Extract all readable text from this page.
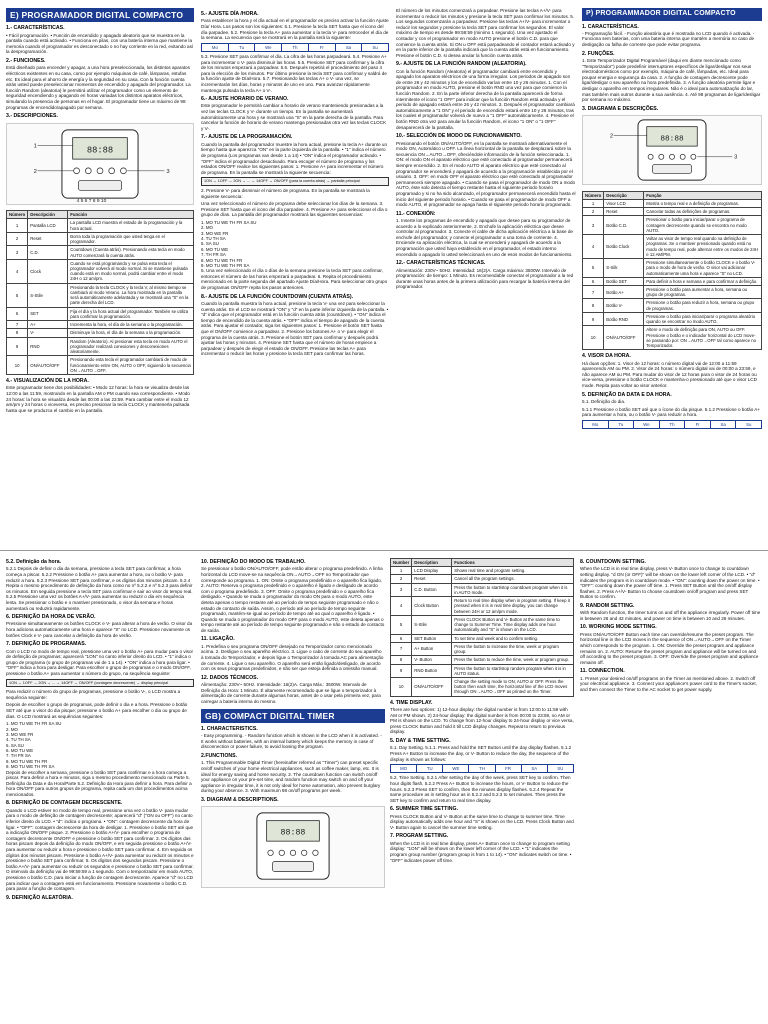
E) PROGRAMADOR DIGITAL COMPACTO
1.- CARACTERÍSTICAS.

• Fácil programación. • Función de encendido y apagado aleatorio que se muestra en la pantalla cuando está activado. • Funciona en pilas, con una batería interna que mantiene la memoria cuando el programador es desconectado o no hay corriente en la red, evitando así la desprogramación.

2.- FUNCIONES.

Está diseñado para encender y apagar, a una hora preseleccionada, los distintos aparatos eléctricos existentes en su casa, como por ejemplo máquinas de café, lámparas, estufas etc. Es ideal para el ahorro de energía y la seguridad en su casa. Con la función cuenta atrás usted puede preseleccionar momentos de encendido y apagado del programador. La función Random (aleatoria) le permitirá utilizar el programador como un elemento de seguridad encendiendo y apagando en horas variadas los distintos aparatos eléctricos, simulando la presencia de personas en el hogar. El programador tiene un máximo de 98 programas de encendido/apagado por semana.

3.- DESCRIPCIONES.
88:88
1
2	3
4 5 6 7 8 9 10
Número	Descripción	Función
1	Pantalla LCD	La pantalla LCD muestra el estado de la programación y la hora actual.
2	Reset	Borra toda la programación que usted tenga en el programador.
3	C.D.	Countdown (Cuenta atrás). Presionando esta tecla en modo AUTO comenzará la cuenta atrás.
4	Clock	Cuando se está programando y se pulsa esta tecla el programador volverá al modo normal. Si se mantiene pulsada cuando está en modo normal, podrá cambiar entre el modo 24H o 12 am/pm.
5	S-Stile	Presionando la tecla CLOCK y la tecla V, al mismo tiempo se cambiará al modo Verano. La hora mostrada en la pantalla será automáticamente adelantada y se mostrará una "S" en la parte derecha del LCD.
6	SET	Fija el día y la hora actual del programador. También se utiliza para confirmar la programación.
7	A+	Incrementa la hora, el día de la semana o la programación.
8	V-	Disminuye la hora, el día de la semana o la programación.
9	RND	Random (Aleatorio). Al presionar esta tecla en modo AUTO el programador realizará conexiones y desconexiones aleatoriamente.
10	ON/AUTO/OFF	Presionando esta tecla el programador cambiará de modo de funcionamiento entre ON, AUTO o OFF, siguiendo la secuencia ON→AUTO→OFF.
4.- VISUALIZACIÓN DE LA HORA.

Este programador tiene dos posibilidades: • Modo 12 horas: la hora se visualiza desde las 12:00 a las 11:59, mostrando en la pantalla AM o PM cuando sea correspondiente. • Modo 24 horas: la hora se visualiza desde las 00:00 a las 23:59. Para cambiar entre el modo 12 am/pm y 24 horas o viceversa, es preciso presionar la tecla CLOCK y mantenerla pulsada hasta que se produzca el cambio en la pantalla.

5.- AJUSTE DÍA /HORA.

Para establecer la hora y el día actual en el programador es preciso activar la función Ajuste Día/ Hora. Los pasos son los siguientes: 5.1. Presione la tecla SET hasta que el icono del día parpadee. 5.2. Presione la tecla A+ para aumentar o la tecla V- para retroceder el día de la semana. La secuencia que se mostrará en la pantalla será la siguiente:

Mo	Tu	We	Th	Fr	Sa	Su

5.3. Presione SET para confirmar el día. La cifra de las horas parpadeará. 5.4. Presione A+ para incrementar o V- para disminuir las horas. 5.5. Presione SET para confirmar y la cifra de los minutos empezará a parpadear. 5.6. Después repetirá el procedimiento del paso 4 para la elección de los minutos. Por último presione la tecla SET para confirmar y saldrá de la función ajuste de Día/Hora. 5.7. Presionando las teclas A+ o V- una vez, se incrementarán los días, horas y minutos de uno en uno. Para avanzar rápidamente mantenga pulsada la tecla A+ o V-.

6.- AJUSTE HORARIO DE VERANO.

Este programador le permitirá cambiar a horario de verano manteniendo presionadas a la vez las teclas CLOCK y V- durante un tiempo. En la pantalla se aumentará automáticamente una hora y se mostrará una "S" en la parte derecha de la pantalla. Para cancelar la función de horario de verano mantenga presionadas otra vez las teclas CLOCK y V-.

7.- AJUSTE DE LA PROGRAMACIÓN.

Cuando la pantalla del programador muestre la hora actual, presione la tecla A+ durante un tiempo hasta que aparezca "ON" en la parte izquierda de la pantalla. • "1" indica el número de programa (Los programas van desde 1 a 14) • "ON" indica el programador activado. • "OFF" indica el programador desactivado. Para escoger el número de programa y los estados ON/OFF realice los siguientes pasos: 1. Presione A+ para incrementar el número de programa. En la pantalla se mostrará la siguiente secuencia:

1ON → 1OFF → 2ON → ... → 14OFF → ON/OFF (para la cuenta atrás) → pantalla principal

2. Presione V- para disminuir el número de programa. En la pantalla se mostrará la siguiente secuencia:

Una vez seleccionado el número de programa debe seleccionar los días de la semana. 3. Presione SET hasta que el icono del día parpadee. 4. Presione A+ para seleccionar el día o grupo de días. La pantalla del programador mostrará las siguientes secuencias:

1. MO TU WE TH FR SA SU
2. MO
3. MO WE FR
4. TU TH SA
5. SA SU
6. MO TU WE
7. TH FR SA
8. MO TU WE TH FR
9. MO TU WE TH FR SA

5. Una vez seleccionado el día o días de la semana presione la tecla SET para confirmar, entonces el número de las horas empezará a parpadear. 6. Repita el procedimiento mencionado en la parte segunda del apartado Ajuste Día/Hora. Para seleccionar otro grupo de programas ON/OFF repita los pasos anteriores.

8.- AJUSTE DE LA FUNCIÓN COUNTDOWN (CUENTA ATRÁS).

Cuando la pantalla muestra la hora actual, presione la tecla V- una vez para seleccionar la cuenta atrás. En el LCD se mostrará "ON" y "d" en la parte inferior izquierda de la pantalla. • "d" indica que el programador está en la función cuenta atrás (countdown). • "ON" indica el tiempo de encendido de la cuenta atrás. • "OFF" indica el tiempo de apagado de la cuenta atrás. Para ajustar el contador, siga los siguientes pasos: 1. Presione el botón SET hasta que el ON/OFF comience a parpadear. 2. Presione los botones A+ o V- para elegir el programa de la cuenta atrás. 3. Presione el botón SET para confirmar y después podrá ajustar las horas y minutos. 4. Presione SET hasta que el número de horas empiece a parpadear y después de elegir el estado de ON/OFF. Presione las teclas A+ para incrementar o reducir las horas y presione la tecla SET para confirmar las horas.

El número de los minutos comenzará a parpadear. Presione las teclas A+/V- para incrementar o reducir los minutos y presione la tecla SET para confirmar los minutos. 5. Los segundos comenzarán a parpadear. Presione las teclas A+/V- para incrementar o reducir los segundos y presione la tecla SET para confirmar los segundos. El valor máximo de tiempo es desde 99:59:59 (minimo 1 segundo). Una vez ajustado el contador y con el programador en modo AUTO presione el botón C.D. para que comience la cuenta atrás. Si ON u OFF está parpadeando el contador estará activado y en la parte inferior de la pantalla indicará que la cuenta atrás está en funcionamiento. Presione el botón C.D. si desea anular la función cuenta atrás.

9.- AJUSTE DE LA FUNCIÓN RANDOM (ALEATORIA).

Con la función Random (Aleatoria) el programador cambiará entre encendido y apagado los aparatos eléctricos de una forma irregular. Los periodos de apagado son de entre 26 y 42 minutos y los de encendido varían entre 10 y 26 minutos. 1. Con el programador en modo AUTO, presione el botón RND una vez para que comience la función Random. 2. En la parte inferior derecha de la pantalla aparecerá de forma intermitente el icono "1 OFF" para indicar que la función Random está activada y el periodo de apagado estará entre 26 y 42 minutos. 3. Después el programador cambiará automáticamente a "1 ON" y el periodo de encendido estará entre 10 y 26 minutos, tras los cuales el programador volverá de nuevo a "1 OFF" automáticamente. 4. Presione el botón RND otra vez para anular la función Random, el icono "1 ON" o "1 OFF" desaparecerá de la pantalla.

10.- SELECCIÓN DE MODO DE FUNCIONAMIENTO.

Presionando el botón ON/AUTO/OFF, en la pantalla se mostrará alternativamente el modo ON, Automático u OFF. La línea horizontal de la pantalla se desplazará sobre la secuencia ON→AUTO→OFF, ofreciéndole información de la función seleccionada. 1. ON: el modo ON el aparato eléctrico que esté conectado al programador permanecerá siempre encendido. 2. En el modo AUTO el aparato eléctrico que esté conectado al programador se encenderá y apagará de acuerdo a la programación establecida por el usuario. 3. OFF: en modo OFF el aparato eléctrico que esté conectado al programador permanecerá siempre apagado. • Cuando se pasa el programador de modo ON a modo AUTO, éste solo detecta el tiempo restante hasta el siguiente periodo horario programado y si no ha sido alcanzado, el programador permanecerá encendido hasta el inicio del siguiente periodo horario. • Cuando se pasa el programador de modo OFF a modo AUTO, el programador se apaga hasta el siguiente periodo horario programado.

11.- CONEXIÓN:

1. Inserte los programas de encendido y apagado que desee para su programador de acuerdo a lo explicado anteriormente. 2. Enchufe la aplicación eléctrica que desee controlar al programador. 3. Conecte el cable de dicha aplicación eléctrica a la base de enchufe del programador, y conecte el programador a una toma de corriente. 4. Enciende su aplicación eléctrica, la cual se encenderá y apagará de acuerdo a la programación que usted haya establecido en el programador, el estado interno encendido o apagado lo usted seleccionará en uno de esos modos de funcionamiento.

12.- CARACTERÍSTICAS TÉCNICAS.

Alimentación: 230V~ 50Hz. Intensidad: 16(2)A. Carga máxima: 3500W. Intervalo de programación: de tiempo: 1 Minuto. Es recomendable conectar el programador a la red durante unas horas antes de la primera utilización para recargar la batería interna del programador.

P) PROGRAMMADOR DIGITAL COMPACTO
1. CARACTERÍSTICAS.

- Programação fácil. - Função aleatória que é mostrada no LCD quando é activada. - Funciona sem baterias, com uma bateria interna que mantém a memória no caso de desligação ou falha de corrente que pode evitar programa.

2. FUNÇÕES.

1. Este Temporizador Digital Programável (daqui em diante mencionado como "Temporizador") pode predefinir interruptores específicos de ligar/desligar nos seus electrodomésticos como por exemplo, máquina de café, lâmpadas, etc. Ideal para poupar energia e segurança da casa. 2. A função de contagem decrescente pode ligar/desligar o seu aparelho na hora predefinida. 3. A função aleatória permite ligar e desligar o aparelho em tempos irregulares. Não é o ideal para automatização do lar, mas também mais outros durante a sua ausência. 4. Até 98 programas de ligar/desligar por semana no máximo.

3. DIAGRAMA E DESCRIÇÕES.
88:88
2
3
Número	Descrição	Função
1	Visor LCD	Mostra o tempo real e a definição de programas.
2	Reset	Cancelar todas as definições de programas.
3	Botão C.D.	Pressionar o botão para iniciar/parar o programa de contagem decrescente quando se encontra no modo AUTO.
4	Botão Clock	Voltar ao visor de tempo real quando na definição de programas. Se o mantiver pressionado quando está no modo de tempo real, pode alternar entre os modos de 24H e 12 AM/PM.
5	S-Silk	Pressione simultaneamente o botão CLOCK e o botão V- para o modo de hora de verão. O visor vai adicionar automaticamente uma hora e aparece "S" no LCD.
6	Botão SET	Para definir a hora e semana e para confirmar a definição.
7	Botão A+	Pressione o botão para aumentar a hora, semana ou grupo de programas.
8	Botão V-	Pressione o botão para reduzir a hora, semana ou grupo de programas.
9	Botão RND	Pressione o botão para iniciar/parar o programa aleatório quando se encontrar no modo AUTO.
10	ON/AUTO/OFF	Altere o modo de definição para ON, AUTO ou OFF. Pressione o botão e o indicador horizontal do LCD move-se passando por: ON→AUTO→OFF tal como aparece no Temporizador.
4. VISOR DA HORA.

Há duas opções: 1. Visor de 12 horas: o número digital vai de 12:00 a 11:59 aparecendo AM ou PM. 2. Visor de 24 horas: o número digital vai de 00:00 a 23:59, e não aparece AM ou PM. Para mudar do visor de 12 horas para o visor de 24 horas ou vice-versa, pressione o botão CLOCK e mantenha-o pressionado até que o visor LCD mude. Repita para voltar ao visor anterior.

5. DEFINIÇÃO DA DATA E DA HORA.

5.1. Definição do dia.

5.1.1 Pressione o botão SET até que o ícone do dia pisque. 5.1.2 Pressione o botão A+ para aumentar a hora, ou o botão V- para reduzir a hora.

Mo	Tu	We	Th	Fr	Sa	Su
5.2. Definição da hora.

5.2.1 Depois de definir o dia da semana, pressione a tecla SET para confirmar, a hora começa a piscar. 5.2.2 Pressione o botão A+ para aumentar a hora, ou o botão V- para reduzir a hora. 5.2.3 Pressione SET para confirmar, e os dígitos dos minutos piscam. 5.2.4 Repita o mesmo procedimento de definição da hora como no nº 5.2.2 e nº 5.2.3 para definir os minutos. Em seguida pressione a tecla SET para confirmar e sair ao visor do tempo real. 5.2.5 Pressione uma vez os botões A+/V- para aumentar ou reduzir o dia em sequência lenta. Se pressionar o botão e o mantiver pressionado, o visor da semana e horas aumentará ou reduzirá rapidamente.

6. DEFINIÇÃO DA HORA DE VERÃO.

Pressione simultaneamente os botões CLOCK e V- para alterar a hora de verão. O visor da hora adiciona automaticamente uma hora e aparece "S" no LCD. Pressione novamente os botões Clock e V- para cancelar a definição da hora de verão.

7. DEFINIÇÃO DE PROGRAMAS.

Com o LCD no modo de tempo real, pressione uma vez o botão A+ para mudar para o visor de definição de programas; aparecerá "1ON" no canto inferior direito do LCD. • "1" indica o grupo de programa (o grupo de programas vai de 1 a 14). • "ON" indica a hora para ligar. • "OFF" indica a hora para desligar. Para escolher o grupo de programas e o modo ON/OFF, pressione o botão A+ para aumentar o número do grupo, na sequência seguinte:

1ON → 1OFF → 2ON → ... → 14OFF → ON/OFF (contagem decrescente) → display principal

Para reduzir o número do grupo de programas, pressione o botão V-, o LCD mostra a sequência seguinte:

Depois de escolher o grupo de programas, pode definir o dia e a hora. Pressione o botão SET até que o visor do dia pisque; pressione o botão A+ para escolher o dia ou grupo de dias. O LCD mostrará as sequências seguintes:

1. MO TU WE TH FR SA SU
2. MO
3. MO WE FR
4. TU TH SA
5. SA SU
6. MO TU WE
7. TH FR SA
8. MO TU WE TH FR
9. MO TU WE TH FR SA

Depois de escolher a semana, pressione o botão SET para confirmar e a hora começa a piscar. Para definir a hora e minutos, siga o mesmo procedimento mencionado na Parte 5. Definição da Data e da Hora/Parte 5.2. Definição da Hora para definir a hora. Para definir a hora ON/OFF para outros grupos de programa, repita cada um dos procedimentos acima mencionados.

8. DEFINIÇÃO DE CONTAGEM DECRESCENTE.

Quando o LCD estiver no modo de tempo real, pressione uma vez o botão V- para mudar para o modo de definição de contagem decrescente; aparecerá "d" ("ON ou OFF") no canto inferior direito do LCD. • "d": indica o programa. • "ON": contagem decrescente da hora de ligar. • "OFF": contagem decrescente da hora de desligar. 1. Pressione o botão SET até que a indicação ON/OFF pisque. 2. Pressione o botão A+/V- para escolher o programa de contagem decrescente ON/OFF e pressione o botão SET para confirmar. 3. Os dígitos das horas piscam depois da definição do modo ON/OFF, e em seguida pressione o botão A+/V- para aumentar ou reduzir a hora e pressione o botão SET para confirmar. 4. Em seguida os dígitos dos minutos piscam. Pressione o botão A+/V- para aumentar ou reduzir os minutos e pressione o botão SET para confirmar. 5. Os dígitos dos segundos piscam. Pressione o botão A+/V- para aumentar ou reduzir os segundos e pressione o botão SET para confirmar. O intervalo da definição vai de 99:59:59 a 1 segundo. Com o temporizador em modo AUTO, pressione o botão C.D. para iniciar a função de contagem decrescente. Aparece "d" no LCD para indicar que a contagem está em funcionamento. Pressione novamente o botão C.D. para parar a função de contagem.

9. DEFINIÇÃO ALEATÓRIA.
10. DEFINIÇÃO DO MODO DE TRABALHO.

Se pressionar o botão ON/AUTO/OFF, pode então alterar o programa predefinido. A linha horizontal do LCD move-se na sequência ON→AUTO→OFF no Temporizador que corresponde ao programa. 1. ON: Omite o programa predefinido e o aparelho fica ligado. 2. AUTO: Reserva o programa predefinido e o aparelho é ligado e desligado de acordo com o programa predefinido. 3. OFF: Omite o programa predefinido e o aparelho fica desligado. • Quando se muda o programador do modo ON para o modo AUTO, este deteta apenas o tempo restante até ao período de tempo seguinte programado e não o estado de contacto de saída. Assim, o período até ao período de tempo seguinte programado, mantém-se igual ao período de tempo até ao qual o aparelho é ligado. • Quando se muda o programador do modo OFF para o modo AUTO, este deteta apenas o tempo restante até ao período de tempo seguinte programado e não o estado de contacto de saída.

11. LIGAÇÃO.

1. Predefina o seu programa ON/OFF desejado no Temporizador como mencionado acima. 2. Desligue o seu aparelho eléctrico. 3. Ligue o cabo de corrente do seu aparelho à tomada do Temporizador, e depois ligue o Temporizador à tomada AC para alimentação de corrente. 4. Ligue o seu aparelho. O aparelho será então ligado/desligado, de acordo com os seus programas predefinidos, e não ser que esteja definida a omissão manual.

12. DADOS TÉCNICOS.

Alimentação: 230V~ 50Hz. Intensidade: 16(2)A. Carga Máx.: 3500W. Intervalo de Definição da Hora: 1 Minuto. É altamente recomendado que se ligue o temporizador à alimentação de corrente durante algumas horas, antes de o usar pela primeira vez, para carregar a bateria interna do mesmo.

GB) COMPACT DIGITAL TIMER
1. CHARACTERISTICS.

- Easy programming. - Random function which is shown in the LCD when it is activated. - It works without batteries, with an internal battery which keeps the memory in case of disconnection or power failure, to avoid loosing the program.

2.FUNCTIONS.

1. This Programmable Digital Timer (hereinafter referred as "Timer") can preset specific on/off switches of your home electrical appliances, such as coffee maker, lamp, etc. It is ideal for energy saving and home security. 2. The countdown function can switch on/off your appliance on your pre-set time, and random function may switch on and off your appliance in irregular time, it is not only ideal for home automation, also prevent burglary during your absence. 3. With maximum 98 on/off programs per week.

3. DIAGRAM & DESCRIPTIONS.
88:88
Number	Description	Functions
1	LCD Display	Shows real time and program setting.
2	Reset	Cancel all the program settings.
3	C.D. Button	Press the button to start/stop countdown program when it is in AUTO mode.
4	Clock Button	Return to real time display when in program setting. If keep it pressed when it is in real time display, you can change between 24H or 12 am/pm mode.
5	S-Stile	Press CLOCK Button and V- Button at the same time to change to Summer Time. Time display adds one hour automatically and "S" is shown on the LCD.
6	SET Button	To set time and week and to confirm setting.
7	A+ Button	Press the button to increase the time, week or program group.
8	V- Button	Press the button to reduce the time, week or program group.
9	RND Button	Press the button to start/stop random program when it is in AUTO status.
10	ON/AUTO/OFF	Change the setting mode to ON, AUTO or OFF. Press the button then each time, the horizontal line of the LCD moves through ON→AUTO→OFF as printed on the Timer.
4. TIME DISPLAY.

There are two options: 1) 12-hour display: the digital number is from 12:00 to 11:59 with AM or PM shown. 2) 24-hour display: the digital number is from 00:00 to 23:59, no AM or PM is shown on the LCD. To change from 12-hour display to 24-hour display or vice versa, press CLOCK Button and hold it till LCD display changes. Repeat to return to previous display.

5. DAY & TIME SETTING.

5.1. Day Setting. 5.1.1. Press and hold the SET Button until the day display flashes. 5.1.2 Press A+ Button to increase the day, or V- Button to reduce the day, the sequence of the display is shown as follows:

MO	TU	WE	TH	FR	SA	SU

5.2. Time Setting. 5.2.1 After setting the day of the week, press SET key to confirm. Then hour digits flash. 5.2.2 Press A+ Button to increase the hours, or V- Button to reduce the hours. 5.2.3 Press SET to confirm, then the minutes display flashes. 5.2.4 Repeat the same procedure as in setting hour as in 5.2.2 and 5.2.3 to set minutes. Then press the SET key to confirm and return to real time display.

6. SUMMER TIME SETTING.

Press CLOCK Button and V- Button at the same time to change to summer time. Time display automatically adds one hour and "S" is shown on the LCD. Press Clock Button and V- Button again to cancel the summer time setting.

7. PROGRAM SETTING.

When the LCD is in real time display, press A+ Button once to change to program setting display: "1ON" will be shown on the lower left corner of the LCD. • "1" indicates the program group number (program group is from 1 to 14). • "ON" indicates switch on time. • "OFF" indicates power off time.

8. COUNTDOWN SETTING.

When the LCD is in real time display, press V- Button once to change to countdown setting display. "d ON (or OFF)" will be shown on the lower left corner of the LCD. • "d" indicates the program is in countdown mode. • "ON": counting down the power on time. • "OFF": counting down the power off time. 1. Press SET Button until the on/off display flashes. 2. Press A+/V- Button to choose countdown on/off program and press SET Button to confirm.

9. RANDOM SETTING.

With Random function, the timer turns on and off the appliance irregularly. Power off time is between 26 and 42 minutes, and power on time is between 10 and 26 minutes.

10. WORKING MODE SETTING.

Press ON/AUTO/OFF Button each time can override/resume the preset program. The horizontal line in the LCD moves in the sequence of ON→AUTO→OFF on the Timer which corresponds to the program. 1. ON: Override the preset program and appliance remains on. 2. AUTO: Resume the preset program and appliance will be turned on and off according to the preset program. 3. OFF: Override the preset program and appliance remains off.

11. CONNECTION.

1. Preset your desired on/off programs on the Timer as mentioned above. 2. Switch off your electrical appliance. 3. Connect your appliance's power cord to the Timer's socket, and then connect the Timer to the AC socket to get power supply.
